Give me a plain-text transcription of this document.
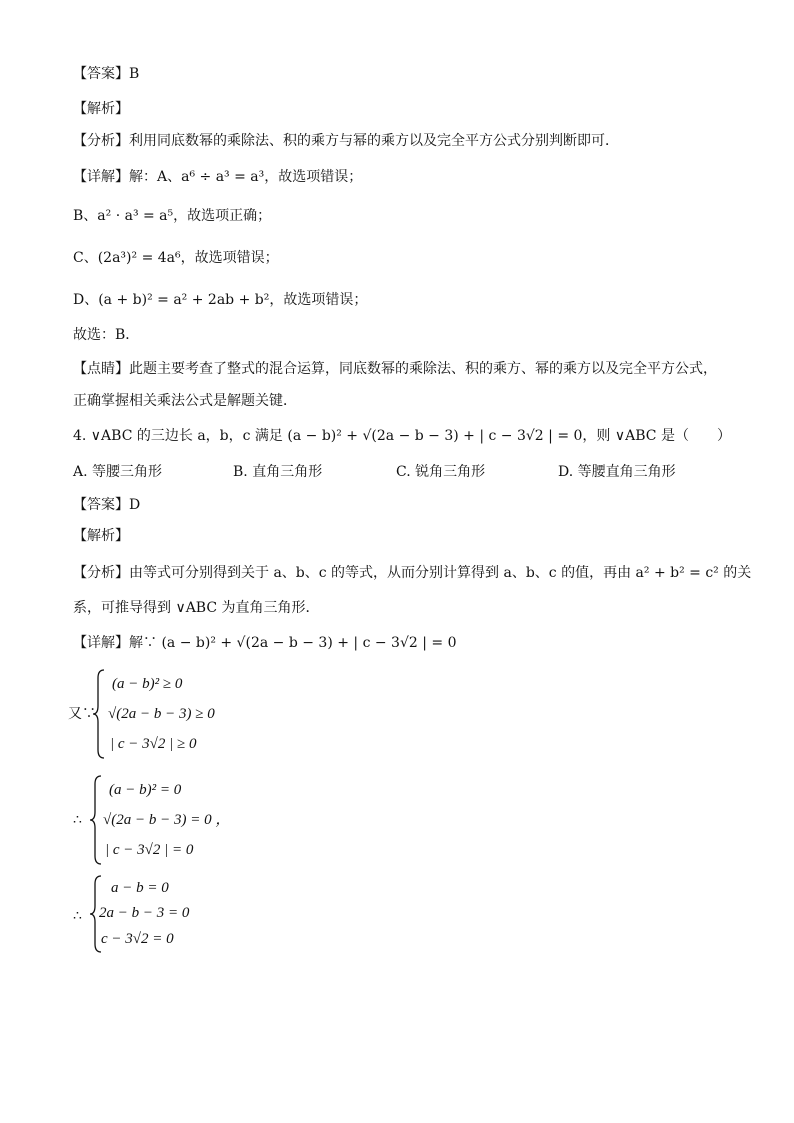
【答案】B
【解析】
【分析】利用同底数幂的乘除法、积的乘方与幂的乘方以及完全平方公式分别判断即可．
【详解】解：A、a⁶ ÷ a³ = a³，故选项错误；
B、a² · a³ = a⁵，故选项正确；
C、(2a³)² = 4a⁶，故选项错误；
D、(a + b)² = a² + 2ab + b²，故选项错误；
故选：B．
【点睛】此题主要考查了整式的混合运算，同底数幂的乘除法、积的乘方、幂的乘方以及完全平方公式，
正确掌握相关乘法公式是解题关键．
4. ∨ABC 的三边长 a，b，c 满足 (a − b)² + √(2a − b − 3) + | c − 3√2 | = 0，则 ∨ABC 是（　　）
A. 等腰三角形	B. 直角三角形	C. 锐角三角形	D. 等腰直角三角形
【答案】D
【解析】
【分析】由等式可分别得到关于 a、b、c 的等式，从而分别计算得到 a、b、c 的值，再由 a² + b² = c² 的关
系，可推导得到 ∨ABC 为直角三角形．
【详解】解∵ (a − b)² + √(2a − b − 3) + | c − 3√2 | = 0
又∵
(a − b)² ≥ 0
√(2a − b − 3) ≥ 0
| c − 3√2 | ≥ 0
∴
(a − b)² = 0
√(2a − b − 3) = 0 ，
| c − 3√2 | = 0
∴
a − b = 0
2a − b − 3 = 0
c − 3√2 = 0
